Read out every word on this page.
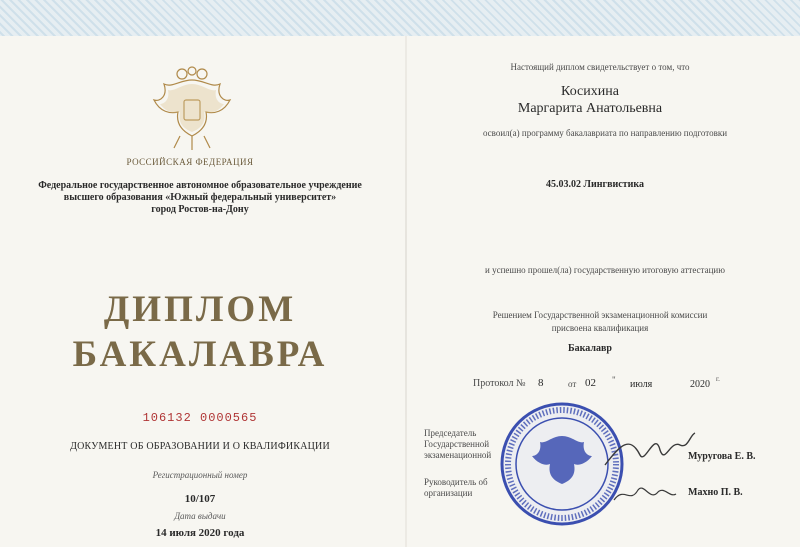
РОССИЙСКАЯ ФЕДЕРАЦИЯ
Федеральное государственное автономное образовательное учреждение
высшего образования «Южный федеральный университет»
город Ростов-на-Дону
ДИПЛОМ
БАКАЛАВРА
106132 0000565
ДОКУМЕНТ ОБ ОБРАЗОВАНИИ И О КВАЛИФИКАЦИИ
Регистрационный номер
10/107
Дата выдачи
14 июля 2020 года
Настоящий диплом свидетельствует о том, что
Косихина
Маргарита Анатольевна
освоил(а) программу бакалавриата по направлению подготовки
45.03.02 Лингвистика
и успешно прошел(ла) государственную итоговую аттестацию
Решением Государственной экзаменационной комиссии
присвоена квалификация
Бакалавр
Протокол № 8	от 02 " июля	2020 г.
Председатель
Государственной
экзаменационной	Муругова Е. В.
Руководитель об
организации	Махно П. В.
